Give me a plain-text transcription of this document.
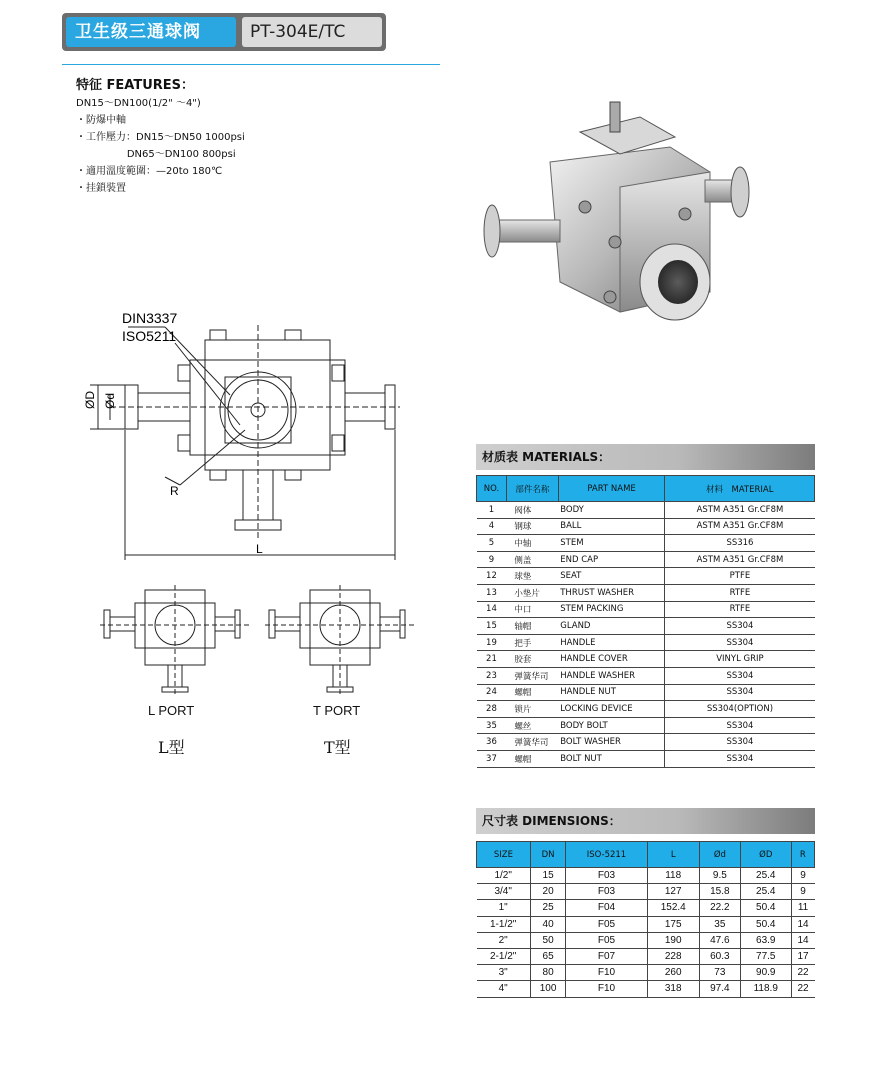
卫生级三通球阀	PT-304E/TC
特征 FEATURES：
DN15～DN100(1/2" ～4")
・防爆中軸
・工作壓力：DN15～DN50 1000psi
DN65～DN100 800psi
・適用溫度範圍：—20to 180℃
・挂鎖裝置
DIN3337
ISO5211
ØD Ød
R
L
L PORT
L型
T PORT
T型
材质表 MATERIALS：
NO.	部件名称	PART NAME	材料　MATERIAL
1	阀体	BODY	ASTM A351 Gr.CF8M
4	钢球	BALL	ASTM A351 Gr.CF8M
5	中轴	STEM	SS316
9	侧盖	END CAP	ASTM A351 Gr.CF8M
12	球垫	SEAT	PTFE
13	小垫片	THRUST WASHER	RTFE
14	中口	STEM PACKING	RTFE
15	轴帽	GLAND	SS304
19	把手	HANDLE	SS304
21	胶套	HANDLE COVER	VINYL GRIP
23	弹簧华司	HANDLE WASHER	SS304
24	螺帽	HANDLE NUT	SS304
28	锁片	LOCKING DEVICE	SS304(OPTION)
35	螺丝	BODY BOLT	SS304
36	弹簧华司	BOLT WASHER	SS304
37	螺帽	BOLT NUT	SS304
尺寸表 DIMENSIONS：
SIZE	DN	ISO-5211	L	Ød	ØD	R
1/2"	15	F03	118	9.5	25.4	9
3/4"	20	F03	127	15.8	25.4	9
1"	25	F04	152.4	22.2	50.4	11
1-1/2"	40	F05	175	35	50.4	14
2"	50	F05	190	47.6	63.9	14
2-1/2"	65	F07	228	60.3	77.5	17
3"	80	F10	260	73	90.9	22
4"	100	F10	318	97.4	118.9	22
